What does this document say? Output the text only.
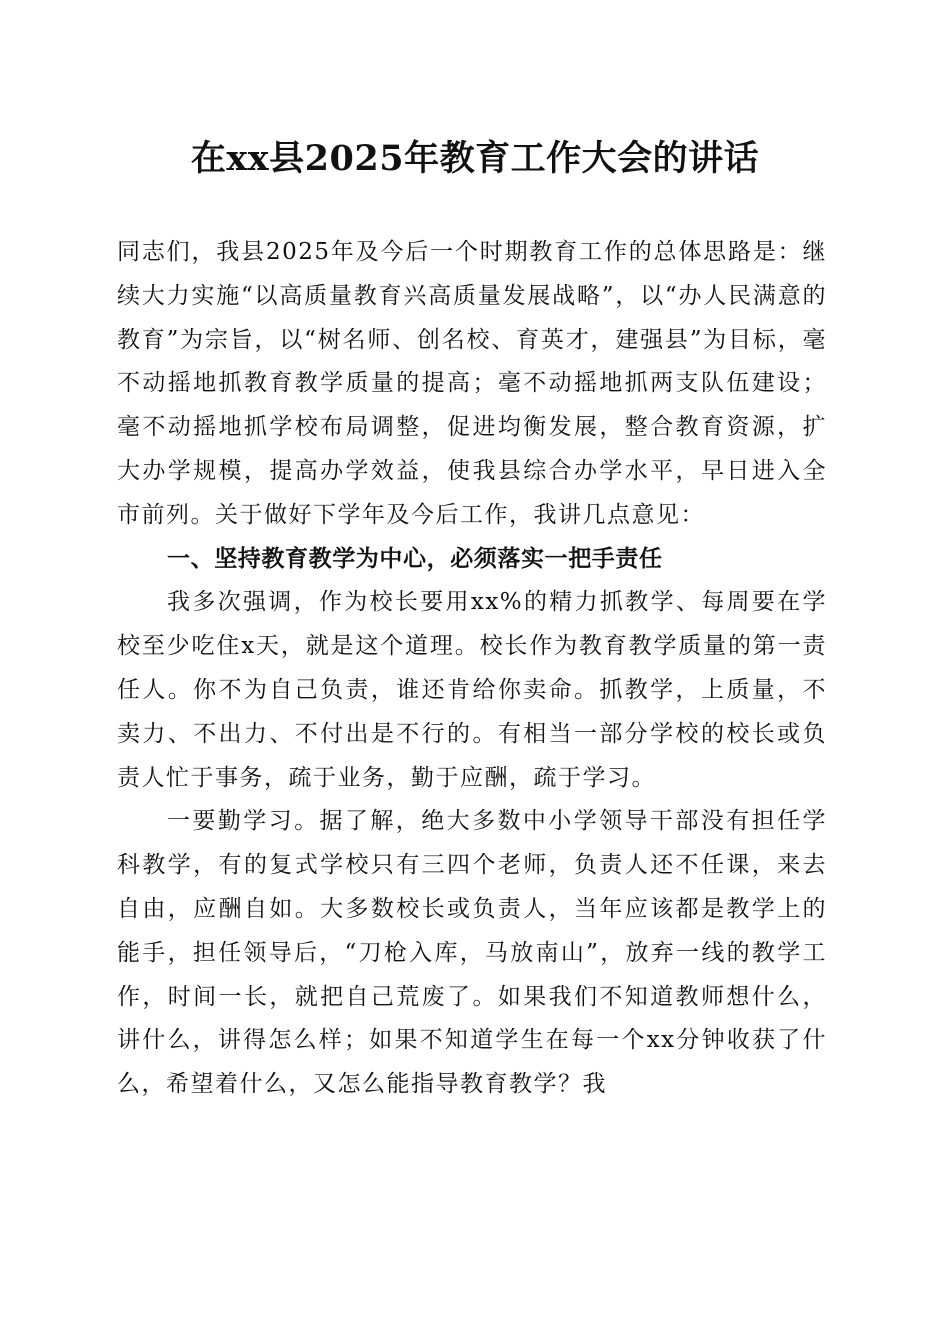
在xx县2025年教育工作大会的讲话

同志们，我县2025年及今后一个时期教育工作的总体思路是：继续大力实施“以高质量教育兴高质量发展战略”，以“办人民满意的教育”为宗旨，以“树名师、创名校、育英才，建强县”为目标，毫不动摇地抓教育教学质量的提高；毫不动摇地抓两支队伍建设；毫不动摇地抓学校布局调整，促进均衡发展，整合教育资源，扩大办学规模，提高办学效益，使我县综合办学水平，早日进入全市前列。关于做好下学年及今后工作，我讲几点意见：

一、坚持教育教学为中心，必须落实一把手责任

我多次强调，作为校长要用xx%的精力抓教学、每周要在学校至少吃住x天，就是这个道理。校长作为教育教学质量的第一责任人。你不为自己负责，谁还肯给你卖命。抓教学，上质量，不卖力、不出力、不付出是不行的。有相当一部分学校的校长或负责人忙于事务，疏于业务，勤于应酬，疏于学习。

一要勤学习。据了解，绝大多数中小学领导干部没有担任学科教学，有的复式学校只有三四个老师，负责人还不任课，来去自由，应酬自如。大多数校长或负责人，当年应该都是教学上的能手，担任领导后，“刀枪入库，马放南山”，放弃一线的教学工作，时间一长，就把自己荒废了。如果我们不知道教师想什么，讲什么，讲得怎么样；如果不知道学生在每一个xx分钟收获了什么，希望着什么，又怎么能指导教育教学？我
